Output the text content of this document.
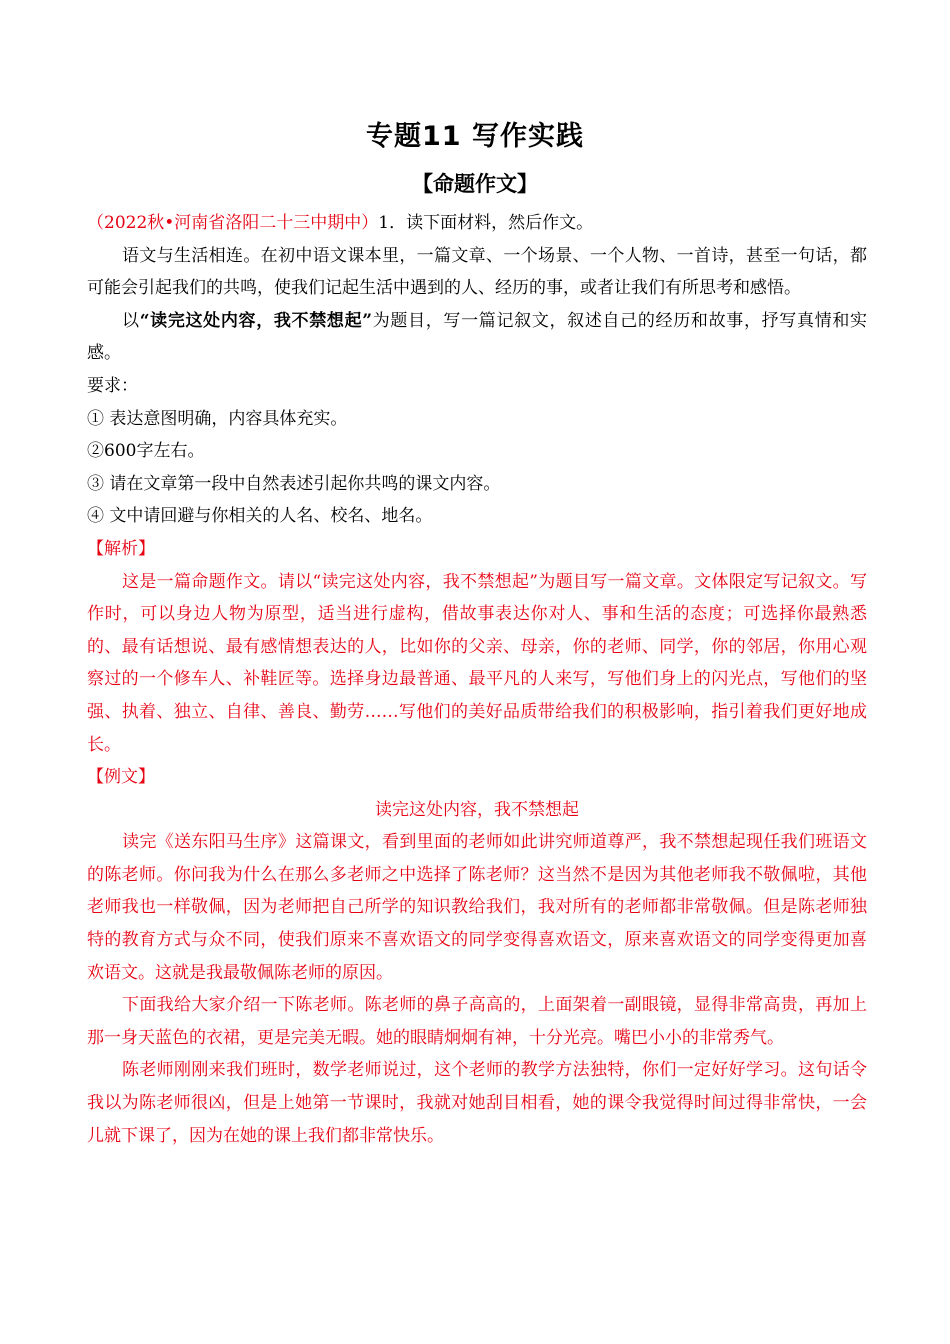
专题11 写作实践
【命题作文】

（2022秋•河南省洛阳二十三中期中）1．读下面材料，然后作文。

语文与生活相连。在初中语文课本里，一篇文章、一个场景、一个人物、一首诗，甚至一句话，都可能会引起我们的共鸣，使我们记起生活中遇到的人、经历的事，或者让我们有所思考和感悟。

以“读完这处内容，我不禁想起”为题目，写一篇记叙文，叙述自己的经历和故事，抒写真情和实感。

要求：

① 表达意图明确，内容具体充实。

②600字左右。

③ 请在文章第一段中自然表述引起你共鸣的课文内容。

④ 文中请回避与你相关的人名、校名、地名。

【解析】

这是一篇命题作文。请以“读完这处内容，我不禁想起”为题目写一篇文章。文体限定写记叙文。写作时，可以身边人物为原型，适当进行虚构，借故事表达你对人、事和生活的态度；可选择你最熟悉的、最有话想说、最有感情想表达的人，比如你的父亲、母亲，你的老师、同学，你的邻居，你用心观察过的一个修车人、补鞋匠等。选择身边最普通、最平凡的人来写，写他们身上的闪光点，写他们的坚强、执着、独立、自律、善良、勤劳……写他们的美好品质带给我们的积极影响，指引着我们更好地成长。

【例文】

读完这处内容，我不禁想起

读完《送东阳马生序》这篇课文，看到里面的老师如此讲究师道尊严，我不禁想起现任我们班语文的陈老师。你问我为什么在那么多老师之中选择了陈老师？这当然不是因为其他老师我不敬佩啦，其他老师我也一样敬佩，因为老师把自己所学的知识教给我们，我对所有的老师都非常敬佩。但是陈老师独特的教育方式与众不同，使我们原来不喜欢语文的同学变得喜欢语文，原来喜欢语文的同学变得更加喜欢语文。这就是我最敬佩陈老师的原因。

下面我给大家介绍一下陈老师。陈老师的鼻子高高的，上面架着一副眼镜，显得非常高贵，再加上那一身天蓝色的衣裙，更是完美无暇。她的眼睛炯炯有神，十分光亮。嘴巴小小的非常秀气。

陈老师刚刚来我们班时，数学老师说过，这个老师的教学方法独特，你们一定好好学习。这句话令我以为陈老师很凶，但是上她第一节课时，我就对她刮目相看，她的课令我觉得时间过得非常快，一会儿就下课了，因为在她的课上我们都非常快乐。
